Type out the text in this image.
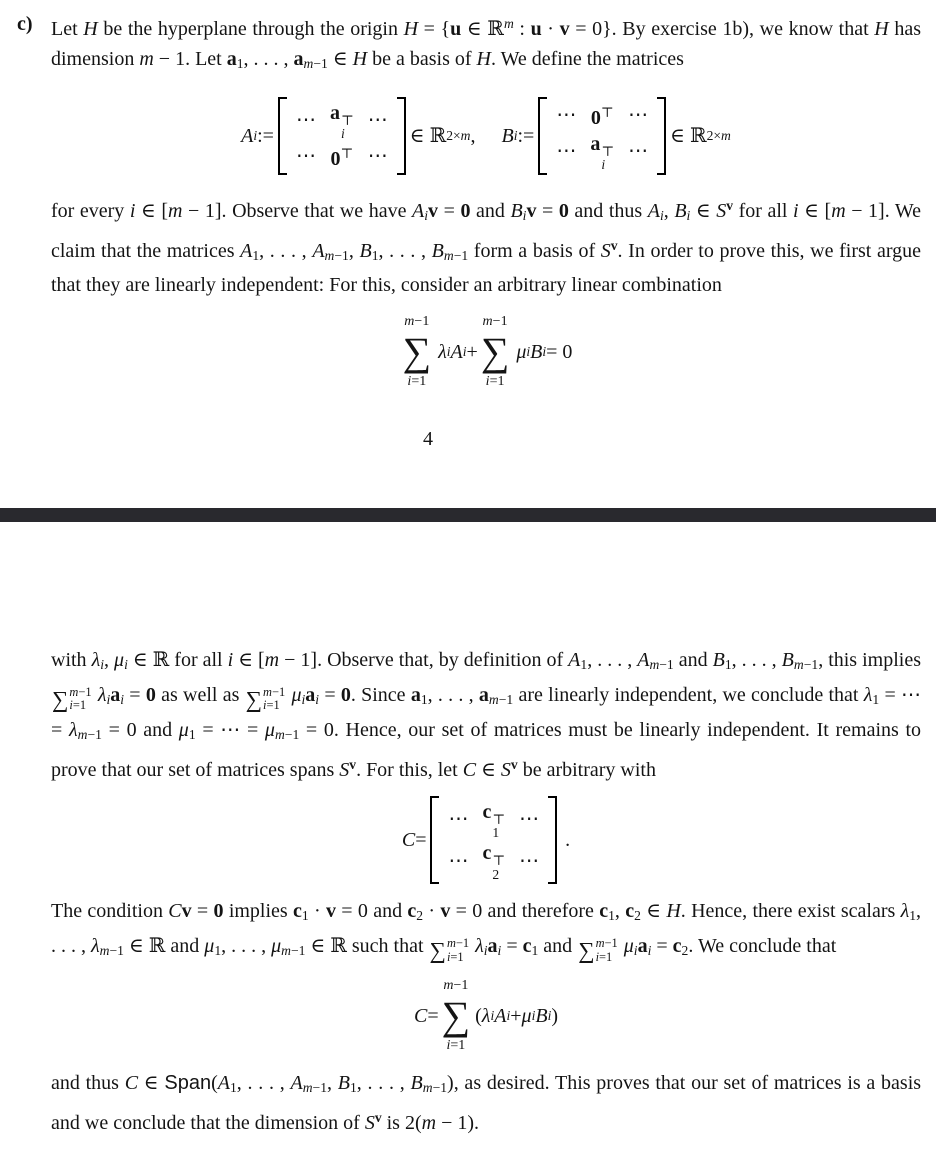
c) Let H be the hyperplane through the origin H = {u ∈ ℝ$^m$ : u · v = 0}. By exercise 1b), we know that H has dimension m − 1. Let $a_1$, . . . , $a_{m-1}$ ∈ H be a basis of H. We define the matrices

A i :=
⋯ a ⊤
i
⋯
⋯ 0⊤ ⋯
∈ ℝ 2×m , B i :=
⋯ 0⊤ ⋯
⋯ a ⊤
i
⋯
∈ ℝ 2×m

for every i ∈ [m − 1]. Observe that we have $A_iv = 0$ and $B_iv = 0$ and thus $A_i$, $B_i$ ∈ $S^v$ for all i ∈ [m − 1]. We claim that the matrices $A_1$, . . . , $A_{m-1}$, $B_1$, . . . , $B_{m-1}$ form a basis of $S^v$. In order to prove this, we first argue that they are linearly independent: For this, consider an arbitrary linear combination

m−1
∑
i=1
λ i A i +
m−1
∑
i=1
μ i B i = 0
4

with $\lambda_i$, $\mu_i$ ∈ ℝ for all i ∈ [m − 1]. Observe that, by definition of $A_1$, . . . , $A_{m-1}$ and $B_1$, . . . , $B_{m-1}$, this implies
∑ m−1
i=1 $\lambda_ia_i = 0$ as well as ∑ m−1
i=1 $\mu_ia_i = 0$. Since $a_1$, . . . , $a_{m-1}$ are linearly independent, we conclude that $\lambda_1$ = ⋯ = $\lambda_{m-1} = 0$ and $\mu_1$ = ⋯ = $\mu_{m-1} = 0$. Hence, our set of matrices must be linearly independent. It remains to prove that our set of matrices spans $S^v$. For this, let C ∈ $S^v$ be arbitrary with

C =
⋯ c ⊤
1
⋯
⋯ c ⊤
2
⋯
.

The condition Cv = 0 implies $c_1 \cdot v = 0$ and $c_2 \cdot v = 0$ and therefore $c_1$, $c_2$ ∈ H. Hence, there exist scalars $\lambda_1$, . . . , $\lambda_{m-1}$ ∈ ℝ and $\mu_1$, . . . , $\mu_{m-1}$ ∈ ℝ such that ∑ m−1
i=1 $\lambda_ia_i = c_1$ and ∑ m−1
i=1 $\mu_ia_i = c_2$. We conclude that

C =
m−1
∑
i=1
( λ i A i + μ i B i )

and thus C ∈ $Span(A_1$, . . . , $A_{m-1}$, $B_1$, . . . , $B_{m-1}$), as desired. This proves that our set of matrices is a basis and we conclude that the dimension of $S^v$ is 2(m − 1).
